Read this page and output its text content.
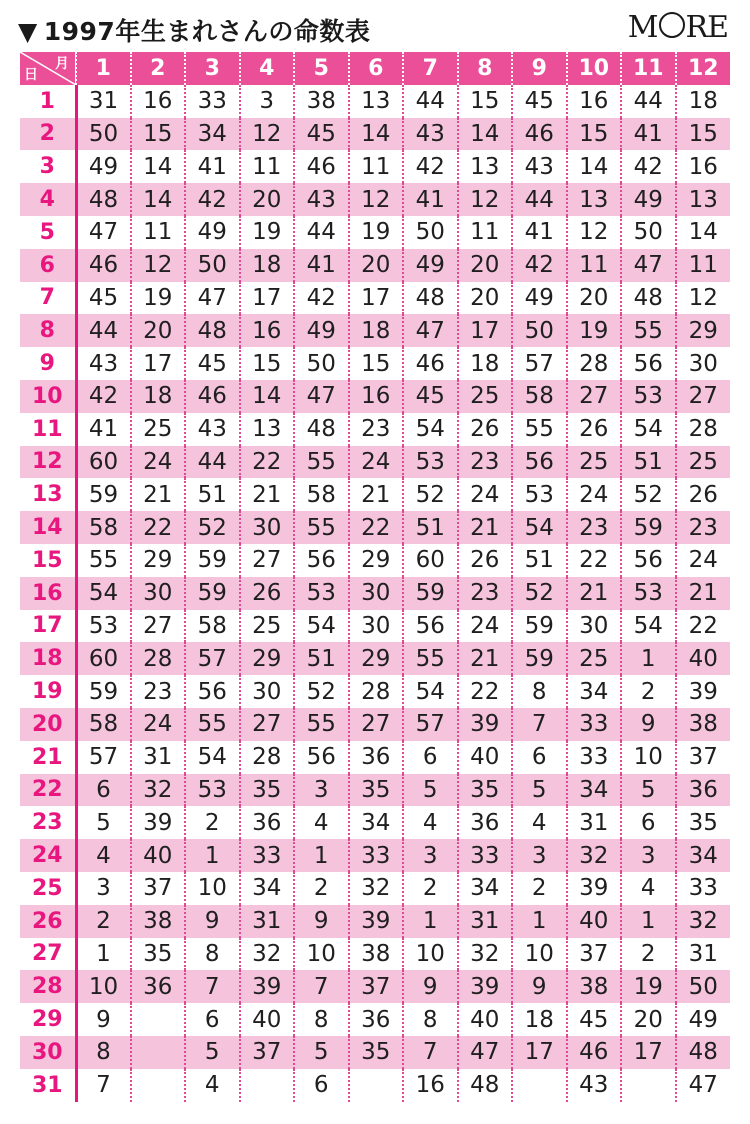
▼ 1997年生まれさんの命数表	M RE
日
月	1	2	3	4	5	6	7	8	9	10	11	12
1	31	16	33	3	38	13	44	15	45	16	44	18
2	50	15	34	12	45	14	43	14	46	15	41	15
3	49	14	41	11	46	11	42	13	43	14	42	16
4	48	14	42	20	43	12	41	12	44	13	49	13
5	47	11	49	19	44	19	50	11	41	12	50	14
6	46	12	50	18	41	20	49	20	42	11	47	11
7	45	19	47	17	42	17	48	20	49	20	48	12
8	44	20	48	16	49	18	47	17	50	19	55	29
9	43	17	45	15	50	15	46	18	57	28	56	30
10	42	18	46	14	47	16	45	25	58	27	53	27
11	41	25	43	13	48	23	54	26	55	26	54	28
12	60	24	44	22	55	24	53	23	56	25	51	25
13	59	21	51	21	58	21	52	24	53	24	52	26
14	58	22	52	30	55	22	51	21	54	23	59	23
15	55	29	59	27	56	29	60	26	51	22	56	24
16	54	30	59	26	53	30	59	23	52	21	53	21
17	53	27	58	25	54	30	56	24	59	30	54	22
18	60	28	57	29	51	29	55	21	59	25	1	40
19	59	23	56	30	52	28	54	22	8	34	2	39
20	58	24	55	27	55	27	57	39	7	33	9	38
21	57	31	54	28	56	36	6	40	6	33	10	37
22	6	32	53	35	3	35	5	35	5	34	5	36
23	5	39	2	36	4	34	4	36	4	31	6	35
24	4	40	1	33	1	33	3	33	3	32	3	34
25	3	37	10	34	2	32	2	34	2	39	4	33
26	2	38	9	31	9	39	1	31	1	40	1	32
27	1	35	8	32	10	38	10	32	10	37	2	31
28	10	36	7	39	7	37	9	39	9	38	19	50
29	9		6	40	8	36	8	40	18	45	20	49
30	8		5	37	5	35	7	47	17	46	17	48
31	7		4		6		16	48		43		47
